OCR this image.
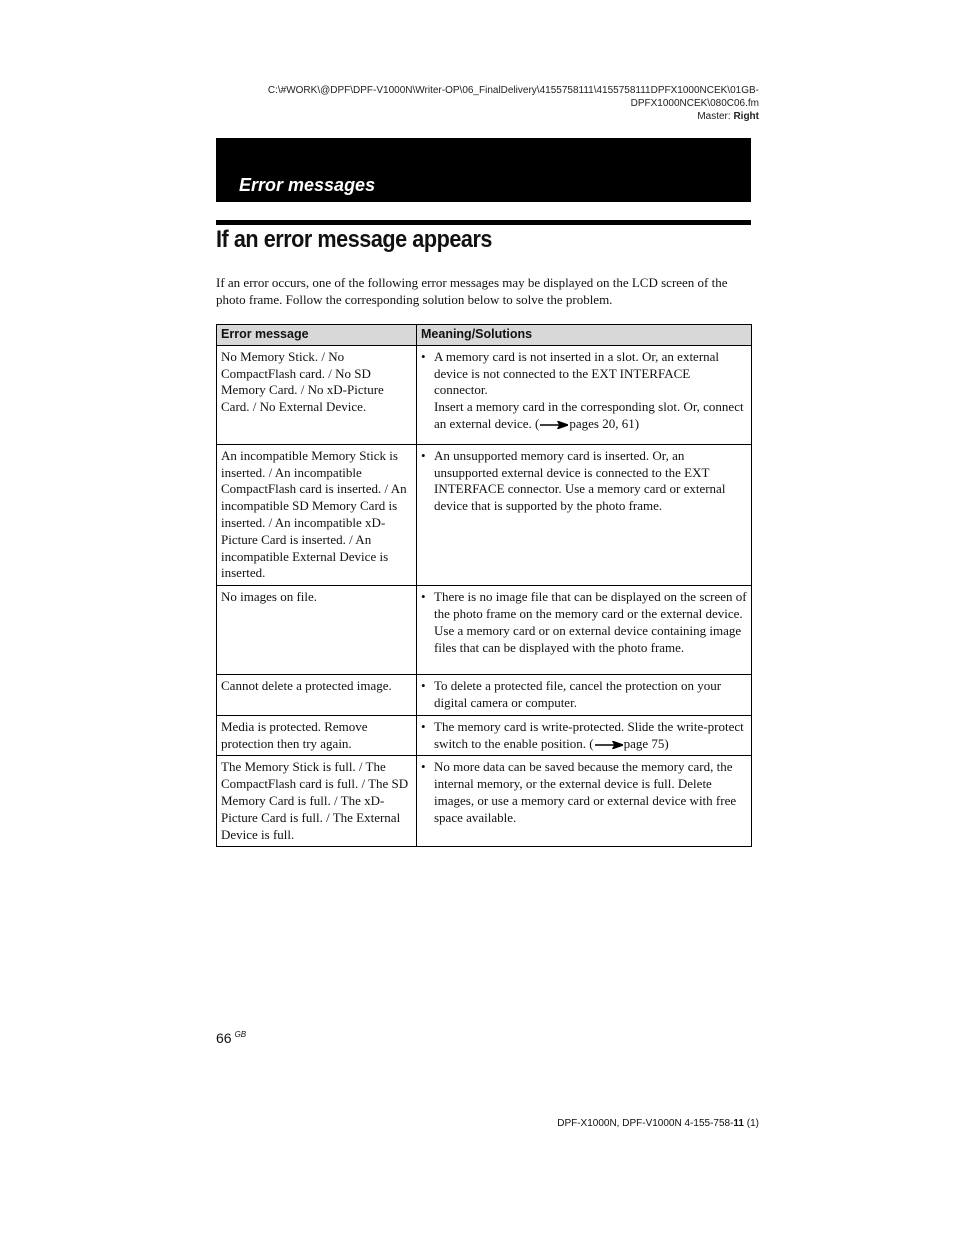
C:\#WORK\@DPF\DPF-V1000N\Writer-OP\06_FinalDelivery\4155758111\4155758111DPFX1000NCEK\01GB-
DPFX1000NCEK\080C06.fm
Master: Right
Error messages
If an error message appears

If an error occurs, one of the following error messages may be displayed on the LCD screen of the photo frame. Follow the corresponding solution below to solve the problem.

Error message	Meaning/Solutions
No Memory Stick. / No CompactFlash card. / No SD Memory Card. / No xD-Picture Card. / No External Device.	• A memory card is not inserted in a slot. Or, an external device is not connected to the EXT INTERFACE connector.
Insert a memory card in the corresponding slot. Or, connect an external device. ( pages 20, 61)

An incompatible Memory Stick is inserted. / An incompatible CompactFlash card is inserted. / An incompatible SD Memory Card is inserted. / An incompatible xD-Picture Card is inserted. / An incompatible External Device is inserted.	• An unsupported memory card is inserted. Or, an unsupported external device is connected to the EXT INTERFACE connector. Use a memory card or external device that is supported by the photo frame.

No images on file.	• There is no image file that can be displayed on the screen of the photo frame on the memory card or the external device. Use a memory card or on external device containing image files that can be displayed with the photo frame.

Cannot delete a protected image.	• To delete a protected file, cancel the protection on your digital camera or computer.

Media is protected. Remove protection then try again.	• The memory card is write-protected. Slide the write-protect switch to the enable position. ( page 75)

The Memory Stick is full. / The CompactFlash card is full. / The SD Memory Card is full. / The xD-Picture Card is full. / The External Device is full.	• No more data can be saved because the memory card, the internal memory, or the external device is full. Delete images, or use a memory card or external device with free space available.
66 $^{GB}$
DPF-X1000N, DPF-V1000N 4-155-758-11 (1)
